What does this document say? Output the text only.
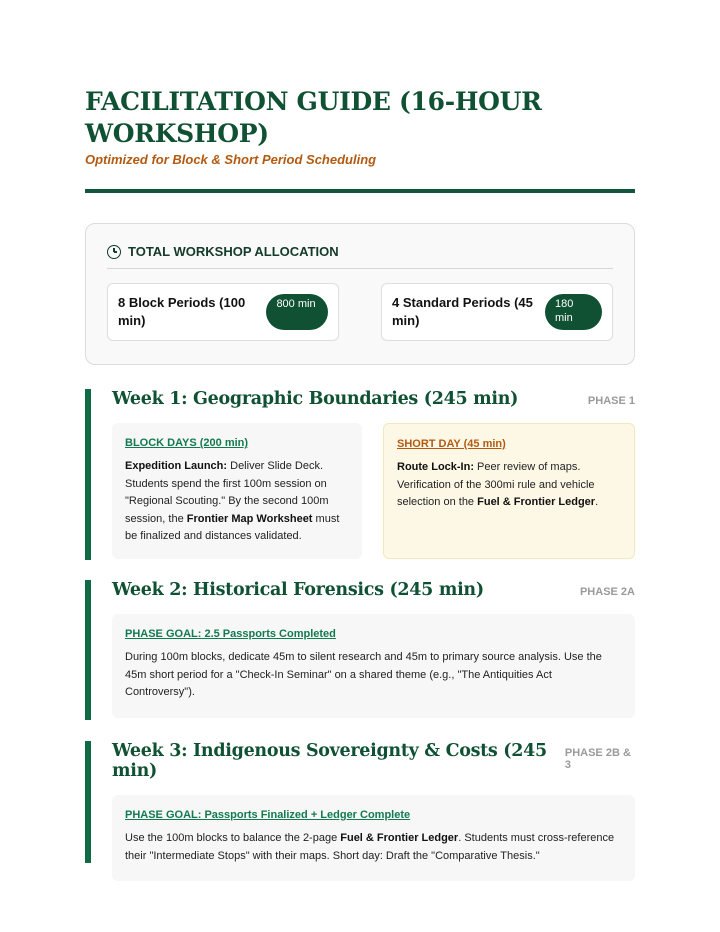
FACILITATION GUIDE (16-HOUR WORKSHOP)
Optimized for Block & Short Period Scheduling
TOTAL WORKSHOP ALLOCATION
8 Block Periods (100 min)
800 min	4 Standard Periods (45 min)
180 min
Week 1: Geographic Boundaries (245 min)	PHASE 1
BLOCK DAYS (200 min)

Expedition Launch: Deliver Slide Deck. Students spend the first 100m session on "Regional Scouting." By the second 100m session, the Frontier Map Worksheet must be finalized and distances validated.

SHORT DAY (45 min)

Route Lock-In: Peer review of maps. Verification of the 300mi rule and vehicle selection on the Fuel & Frontier Ledger.

Week 2: Historical Forensics (245 min)	PHASE 2A
PHASE GOAL: 2.5 Passports Completed

During 100m blocks, dedicate 45m to silent research and 45m to primary source analysis. Use the 45m short period for a "Check-In Seminar" on a shared theme (e.g., "The Antiquities Act Controversy").

Week 3: Indigenous Sovereignty & Costs (245 min)
PHASE 2B & 3
PHASE GOAL: Passports Finalized + Ledger Complete

Use the 100m blocks to balance the 2-page Fuel & Frontier Ledger. Students must cross-reference their "Intermediate Stops" with their maps. Short day: Draft the "Comparative Thesis."
